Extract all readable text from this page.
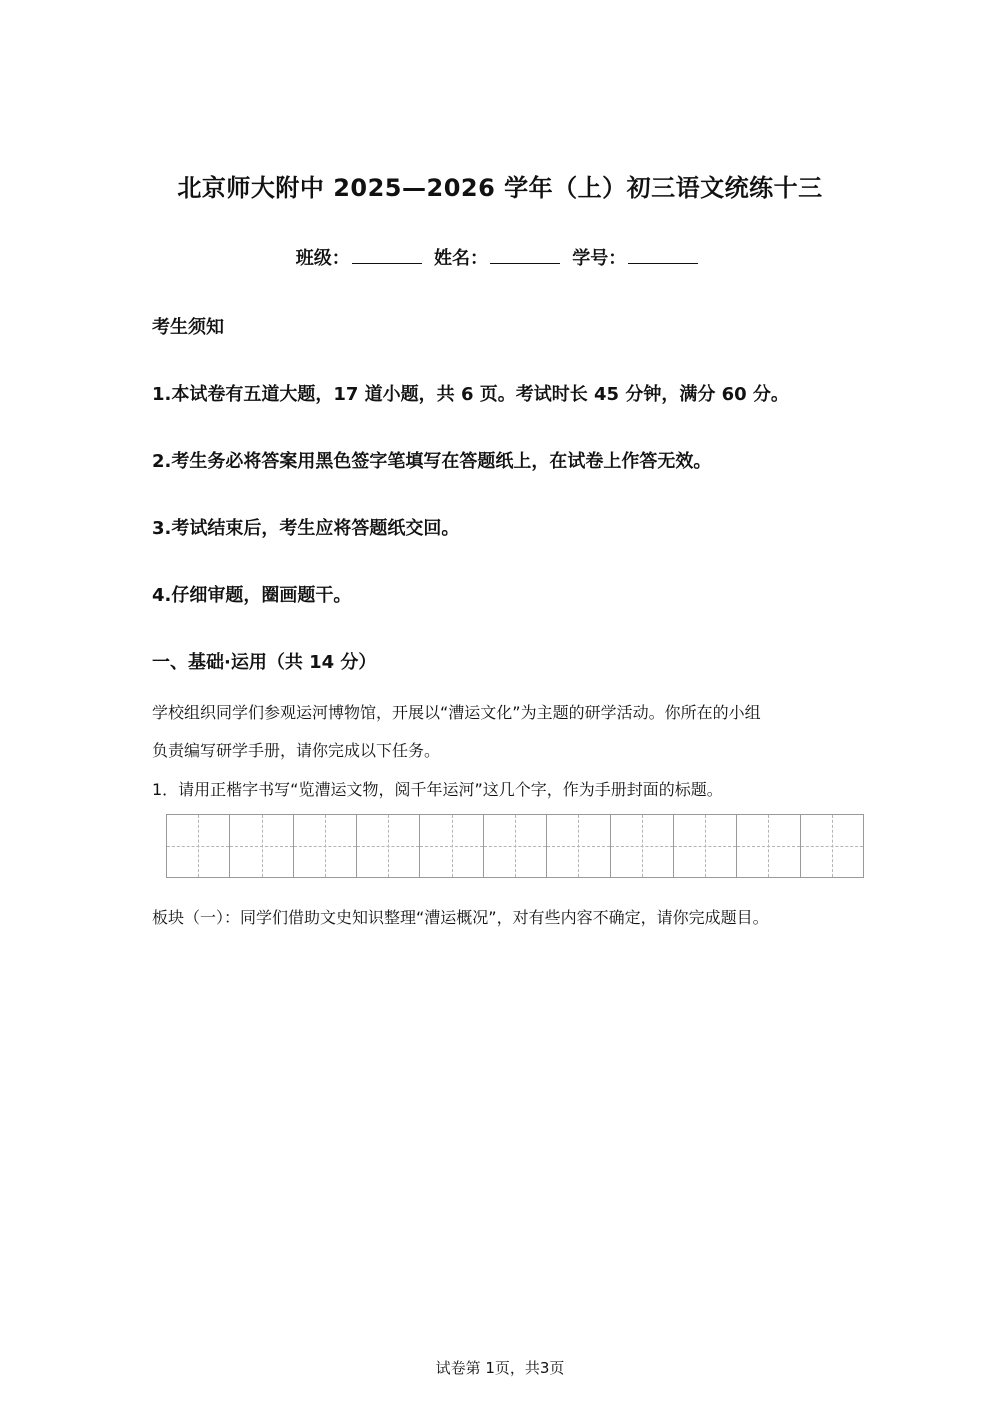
北京师大附中 2025—2026 学年（上）初三语文统练十三
班级：	姓名：	学号：
考生须知
1.本试卷有五道大题，17 道小题，共 6 页。考试时长 45 分钟，满分 60 分。
2.考生务必将答案用黑色签字笔填写在答题纸上，在试卷上作答无效。
3.考试结束后，考生应将答题纸交回。
4.仔细审题，圈画题干。
一、基础·运用（共 14 分）
学校组织同学们参观运河博物馆，开展以“漕运文化”为主题的研学活动。你所在的小组
负责编写研学手册，请你完成以下任务。
1．请用正楷字书写“览漕运文物，阅千年运河”这几个字，作为手册封面的标题。
板块（一）：同学们借助文史知识整理“漕运概况”，对有些内容不确定，请你完成题目。
试卷第 1页，共3页
